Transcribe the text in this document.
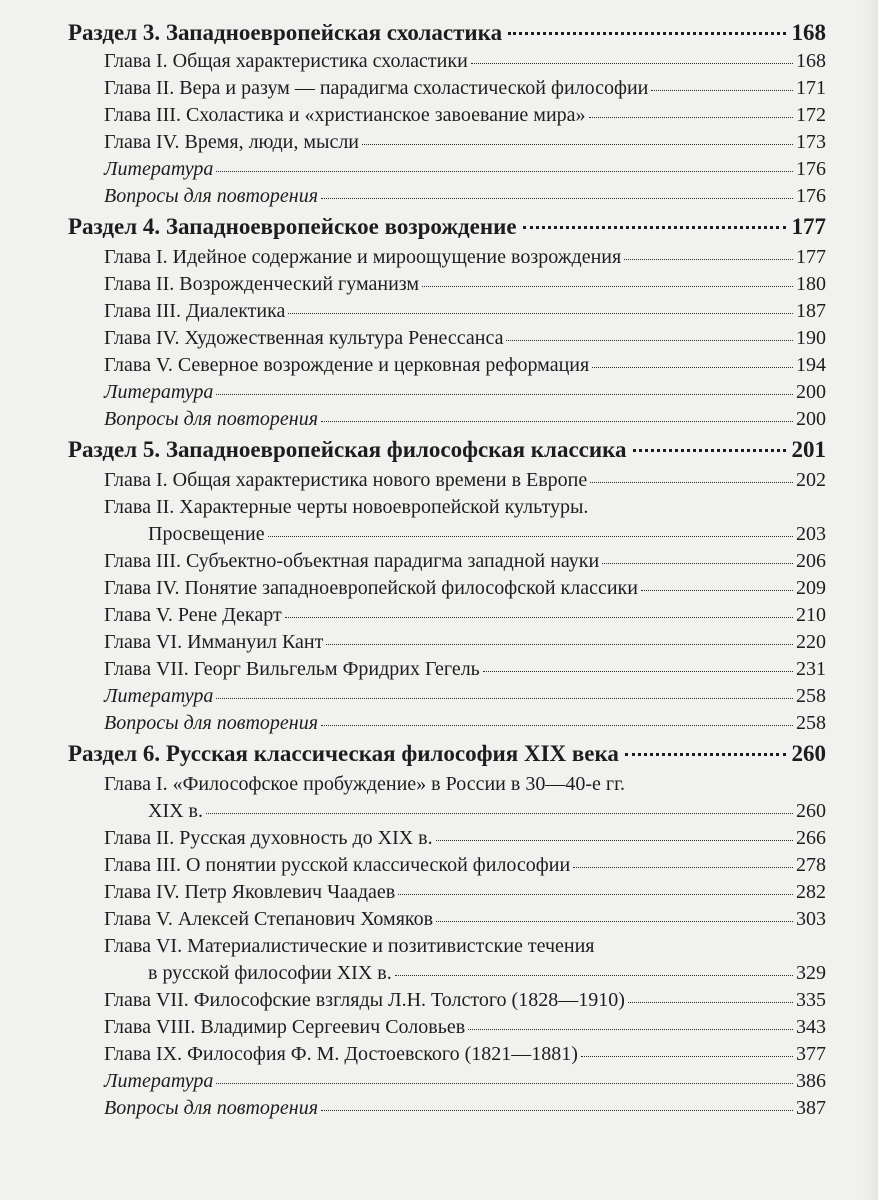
Раздел 3. Западноевропейская схоластика	168
Глава I. Общая характеристика схоластики	168
Глава II. Вера и разум — парадигма схоластической философии	171
Глава III. Схоластика и «христианское завоевание мира»	172
Глава IV. Время, люди, мысли	173
Литература	176
Вопросы для повторения	176
Раздел 4. Западноевропейское возрождение	177
Глава I. Идейное содержание и мироощущение возрождения	177
Глава II. Возрожденческий гуманизм	180
Глава III. Диалектика	187
Глава IV. Художественная культура Ренессанса	190
Глава V. Северное возрождение и церковная реформация	194
Литература	200
Вопросы для повторения	200
Раздел 5. Западноевропейская философская классика	201
Глава I. Общая характеристика нового времени в Европе	202
Глава II. Характерные черты новоевропейской культуры.
Просвещение	203
Глава III. Субъектно-объектная парадигма западной науки	206
Глава IV. Понятие западноевропейской философской классики	209
Глава V. Рене Декарт	210
Глава VI. Иммануил Кант	220
Глава VII. Георг Вильгельм Фридрих Гегель	231
Литература	258
Вопросы для повторения	258
Раздел 6. Русская классическая философия XIX века	260
Глава I. «Философское пробуждение» в России в 30—40-е гг.
XIX в.	260
Глава II. Русская духовность до XIX в.	266
Глава III. О понятии русской классической философии	278
Глава IV. Петр Яковлевич Чаадаев	282
Глава V. Алексей Степанович Хомяков	303
Глава VI. Материалистические и позитивистские течения
в русской философии XIX в.	329
Глава VII. Философские взгляды Л.Н. Толстого (1828—1910)	335
Глава VIII. Владимир Сергеевич Соловьев	343
Глава IX. Философия Ф. М. Достоевского (1821—1881)	377
Литература	386
Вопросы для повторения	387
